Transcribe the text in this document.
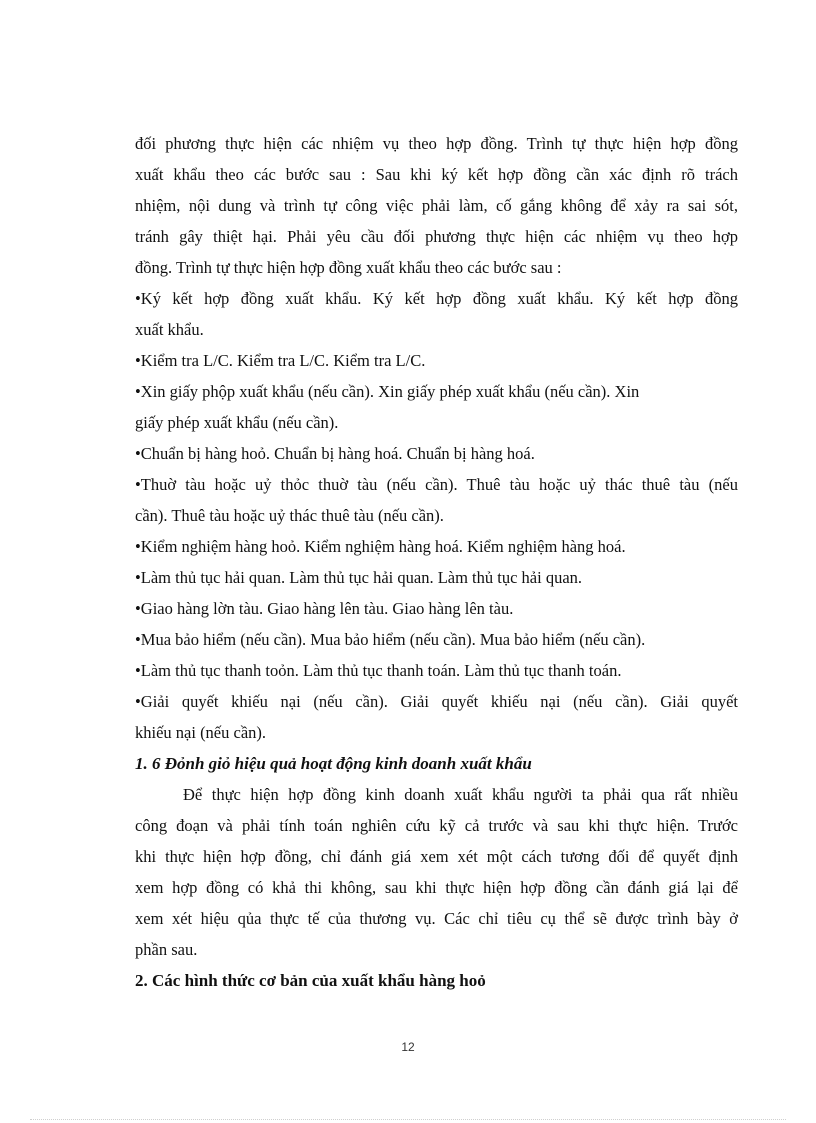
đối phương thực hiện các nhiệm vụ theo hợp đồng. Trình tự thực hiện hợp đồng
xuất khẩu theo các bước sau : Sau khi ký kết hợp đồng cần xác định rõ trách
nhiệm, nội dung và trình tự công việc phải làm, cố gắng không để xảy ra sai sót,
tránh gây thiệt hại. Phải yêu cầu đối phương thực hiện các nhiệm vụ theo hợp
đồng. Trình tự thực hiện hợp đồng xuất khẩu theo các bước sau :
•Ký kết hợp đồng xuất khẩu. Ký kết hợp đồng xuất khẩu. Ký kết hợp đồng
xuất khẩu.
•Kiểm tra L/C. Kiểm tra L/C. Kiểm tra L/C.
•Xin giấy phộp xuất khẩu (nếu cần). Xin giấy phép xuất khẩu (nếu cần). Xin
giấy phép xuất khẩu (nếu cần).
•Chuẩn bị hàng hoỏ. Chuẩn bị hàng hoá. Chuẩn bị hàng hoá.
•Thuờ tàu hoặc uỷ thỏc thuờ tàu (nếu cần). Thuê tàu hoặc uỷ thác thuê tàu (nếu
cần). Thuê tàu hoặc uỷ thác thuê tàu (nếu cần).
•Kiểm nghiệm hàng hoỏ. Kiểm nghiệm hàng hoá. Kiểm nghiệm hàng hoá.
•Làm thủ tục hải quan. Làm thủ tục hải quan. Làm thủ tục hải quan.
•Giao hàng lờn tàu. Giao hàng lên tàu. Giao hàng lên tàu.
•Mua bảo hiểm (nếu cần). Mua bảo hiểm (nếu cần). Mua bảo hiểm (nếu cần).
•Làm thủ tục thanh toỏn. Làm thủ tục thanh toán. Làm thủ tục thanh toán.
•Giải quyết khiếu nại (nếu cần). Giải quyết khiếu nại (nếu cần). Giải quyết
khiếu nại (nếu cần).
1. 6 Đỏnh giỏ hiệu quả hoạt động kinh doanh xuất khẩu
Để thực hiện hợp đồng kinh doanh xuất khẩu người ta phải qua rất nhiều
công đoạn và phải tính toán nghiên cứu kỹ cả trước và sau khi thực hiện. Trước
khi thực hiện hợp đồng, chỉ đánh giá xem xét một cách tương đối để quyết định
xem hợp đồng có khả thi không, sau khi thực hiện hợp đồng cần đánh giá lại để
xem xét hiệu qủa thực tế của thương vụ. Các chỉ tiêu cụ thể sẽ được trình bày ở
phần sau.
2. Các hình thức cơ bản của xuất khẩu hàng hoỏ
12
